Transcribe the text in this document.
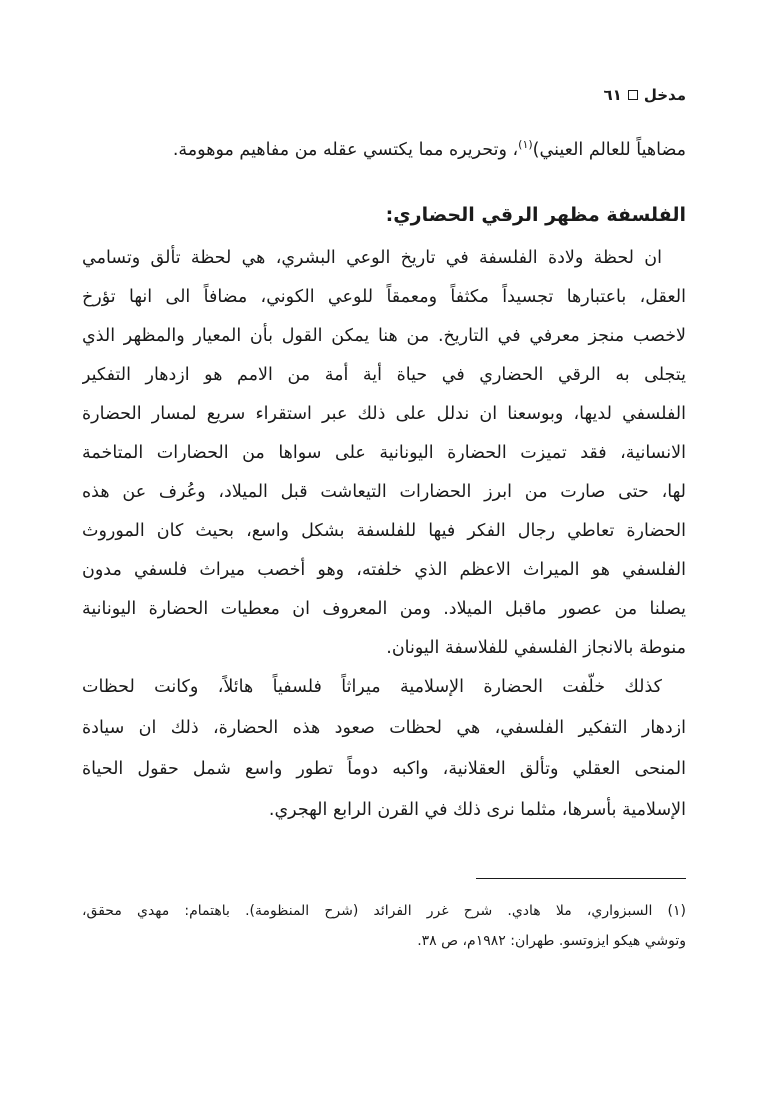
مدخل
٦١
مضاهياً للعالم العيني)$^{(١)}$، وتحريره مما يكتسي عقله من مفاهيم موهومة.
الفلسفة مظهر الرقي الحضاري:
ان لحظة ولادة الفلسفة في تاريخ الوعي البشري، هي لحظة تألق وتسامي
العقل، باعتبارها تجسيداً مكثفاً ومعمقاً للوعي الكوني، مضافاً الى انها تؤرخ
لاخصب منجز معرفي في التاريخ. من هنا يمكن القول بأن المعيار والمظهر الذي
يتجلى به الرقي الحضاري في حياة أية أمة من الامم هو ازدهار التفكير
الفلسفي لديها، وبوسعنا ان ندلل على ذلك عبر استقراء سريع لمسار الحضارة
الانسانية، فقد تميزت الحضارة اليونانية على سواها من الحضارات المتاخمة
لها، حتى صارت من ابرز الحضارات التيعاشت قبل الميلاد، وعُرف عن هذه
الحضارة تعاطي رجال الفكر فيها للفلسفة بشكل واسع، بحيث كان الموروث
الفلسفي هو الميراث الاعظم الذي خلفته، وهو أخصب ميراث فلسفي مدون
يصلنا من عصور ماقبل الميلاد. ومن المعروف ان معطيات الحضارة اليونانية
منوطة بالانجاز الفلسفي للفلاسفة اليونان.
كذلك خلّفت الحضارة الإسلامية ميراثاً فلسفياً هائلاً، وكانت لحظات
ازدهار التفكير الفلسفي، هي لحظات صعود هذه الحضارة، ذلك ان سيادة
المنحى العقلي وتألق العقلانية، واكبه دوماً تطور واسع شمل حقول الحياة
الإسلامية بأسرها، مثلما نرى ذلك في القرن الرابع الهجري.
(١) السبزواري، ملا هادي. شرح غرر الفرائد (شرح المنظومة). باهتمام: مهدي محقق،
وتوشي هيكو ايزوتسو. طهران: ١٩٨٢م، ص ٣٨.
